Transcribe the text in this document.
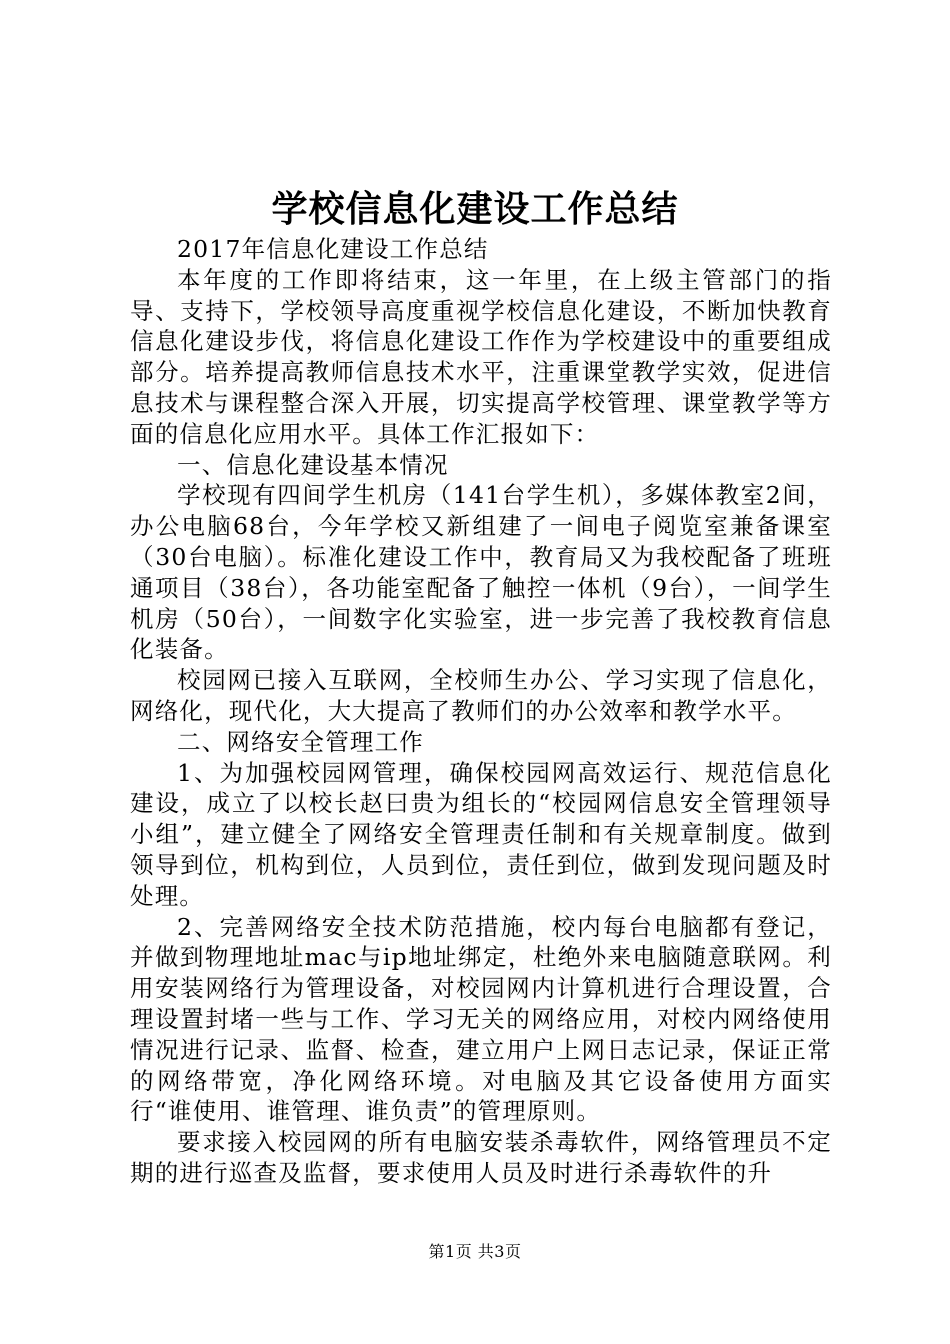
学校信息化建设工作总结

2017年信息化建设工作总结

本年度的工作即将结束，这一年里，在上级主管部门的指导、支持下，学校领导高度重视学校信息化建设，不断加快教育信息化建设步伐，将信息化建设工作作为学校建设中的重要组成部分。培养提高教师信息技术水平，注重课堂教学实效，促进信息技术与课程整合深入开展，切实提高学校管理、课堂教学等方面的信息化应用水平。具体工作汇报如下：

一、信息化建设基本情况

学校现有四间学生机房（141台学生机），多媒体教室2间，办公电脑68台，今年学校又新组建了一间电子阅览室兼备课室（30台电脑）。标准化建设工作中，教育局又为我校配备了班班通项目（38台），各功能室配备了触控一体机（9台），一间学生机房（50台），一间数字化实验室，进一步完善了我校教育信息化装备。

校园网已接入互联网，全校师生办公、学习实现了信息化，网络化，现代化，大大提高了教师们的办公效率和教学水平。

二、网络安全管理工作

1、为加强校园网管理，确保校园网高效运行、规范信息化建设，成立了以校长赵曰贵为组长的“校园网信息安全管理领导小组”，建立健全了网络安全管理责任制和有关规章制度。做到领导到位，机构到位，人员到位，责任到位，做到发现问题及时处理。

2、完善网络安全技术防范措施，校内每台电脑都有登记，并做到物理地址mac与ip地址绑定，杜绝外来电脑随意联网。利用安装网络行为管理设备，对校园网内计算机进行合理设置，合理设置封堵一些与工作、学习无关的网络应用，对校内网络使用情况进行记录、监督、检查，建立用户上网日志记录，保证正常的网络带宽，净化网络环境。对电脑及其它设备使用方面实行“谁使用、谁管理、谁负责”的管理原则。

要求接入校园网的所有电脑安装杀毒软件，网络管理员不定期的进行巡查及监督，要求使用人员及时进行杀毒软件的升

第1页 共3页
